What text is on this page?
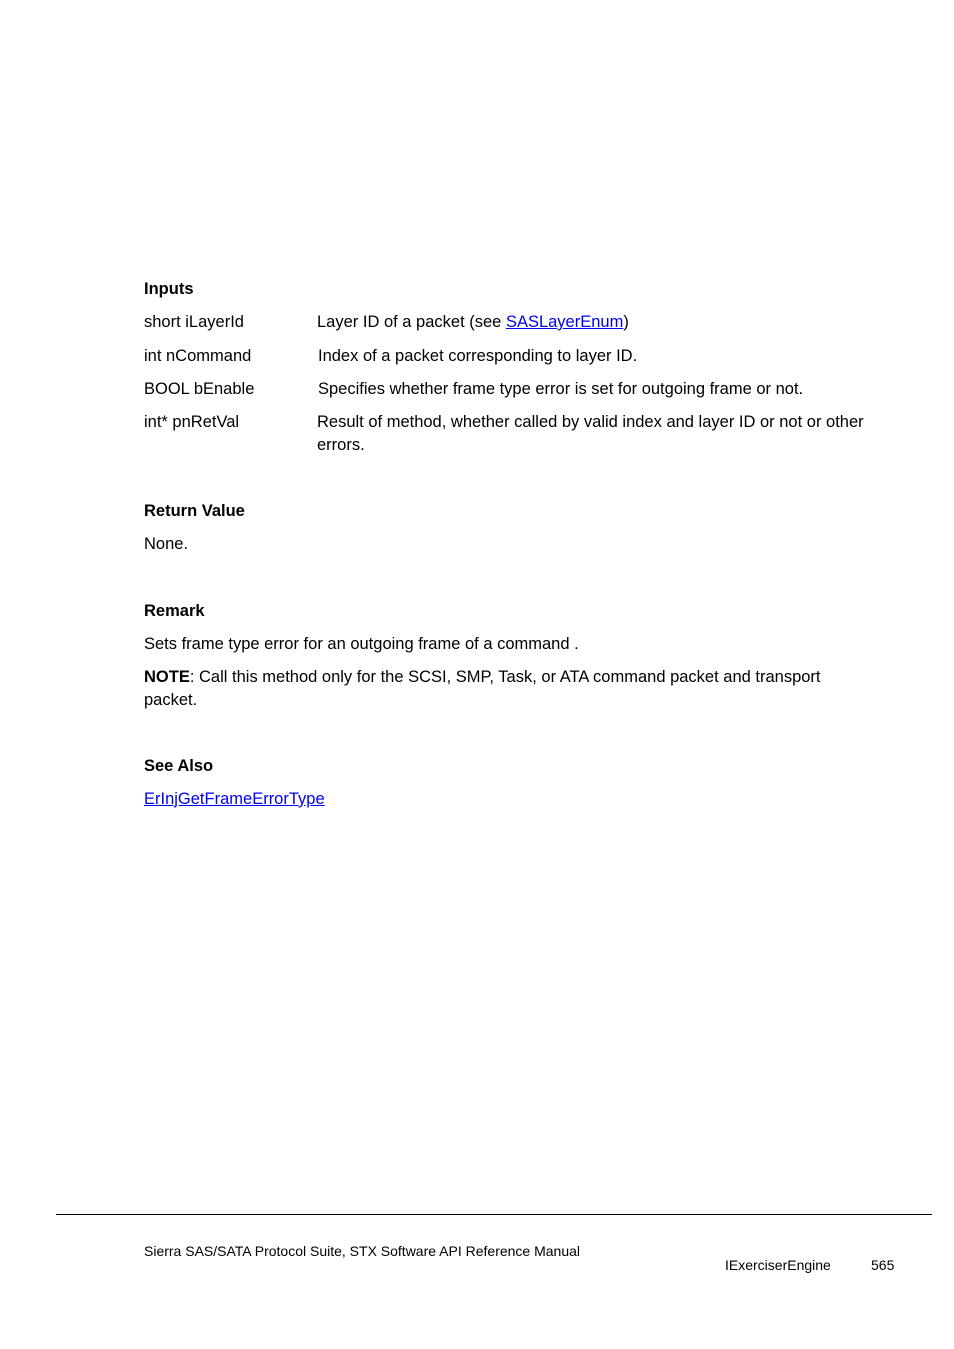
Inputs
short iLayerId	Layer ID of a packet (see SASLayerEnum)
int nCommand	Index of a packet corresponding to layer ID.
BOOL bEnable	Specifies whether frame type error is set for outgoing frame or not.
int* pnRetVal	Result of method, whether called by valid index and layer ID or not or other errors.
Return Value
None.
Remark
Sets frame type error for an outgoing frame of a command .
NOTE: Call this method only for the SCSI, SMP, Task, or ATA command packet and transport packet.
See Also
ErInjGetFrameErrorType
Sierra SAS/SATA Protocol Suite, STX Software API Reference Manual
IExerciserEngine	565
